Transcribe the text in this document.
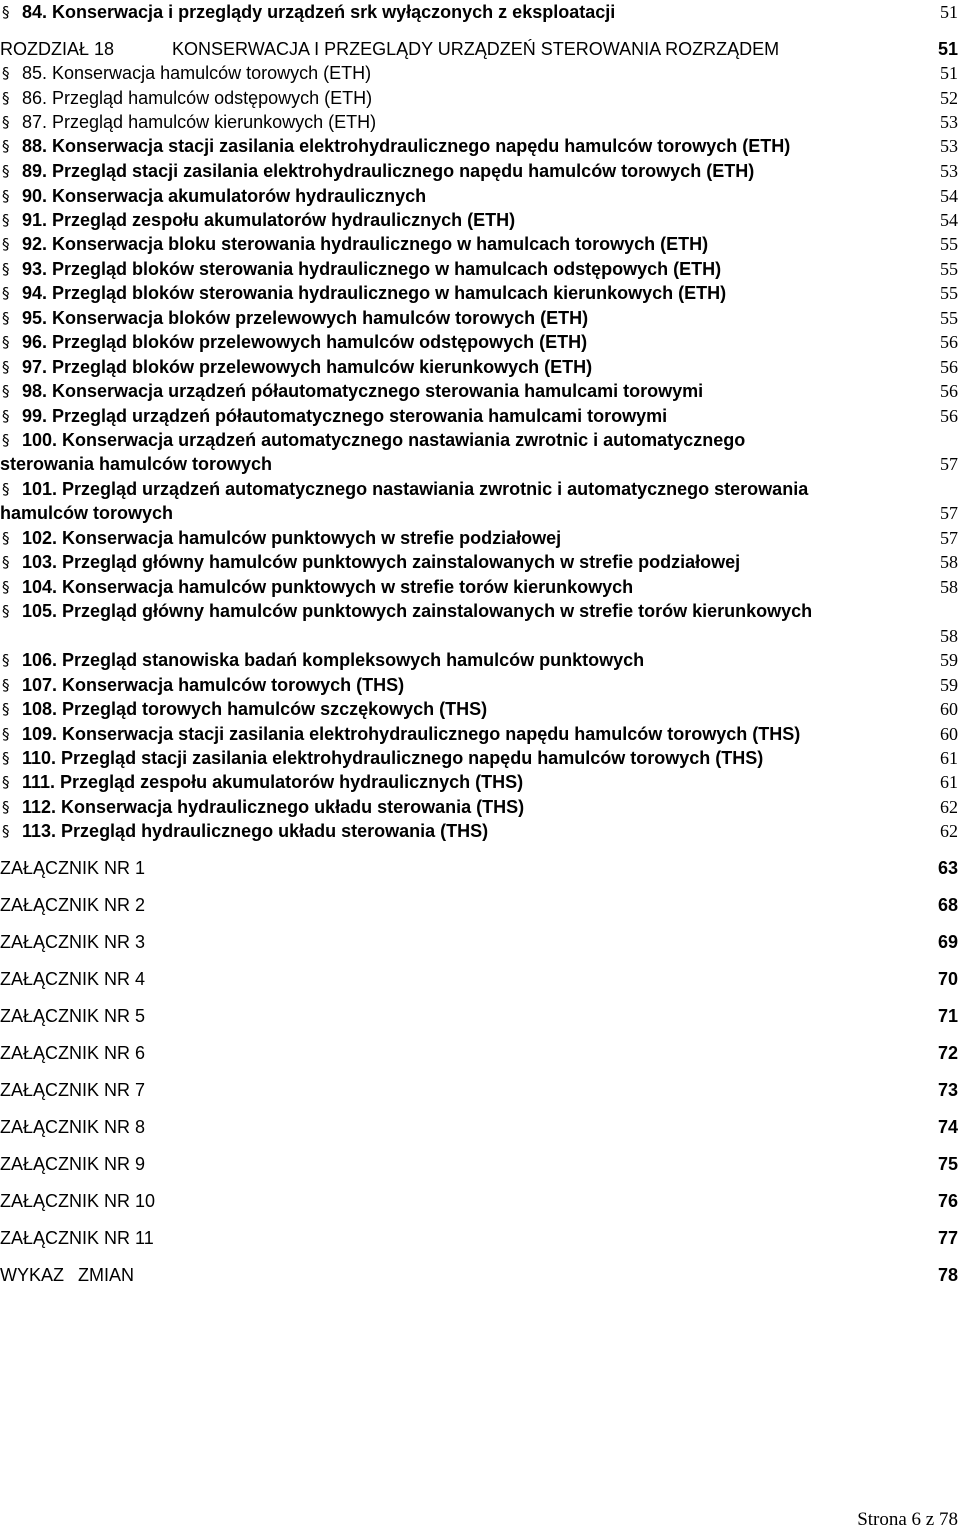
§ 84. Konserwacja i przeglądy urządzeń srk wyłączonych z eksploatacji	51
ROZDZIAŁ 18	KONSERWACJA I PRZEGLĄDY URZĄDZEŃ STEROWANIA ROZRZĄDEM	51
§ 85. Konserwacja hamulców torowych (ETH)	51
§ 86. Przegląd hamulców odstępowych (ETH)	52
§ 87. Przegląd hamulców kierunkowych (ETH)	53
§ 88. Konserwacja stacji zasilania elektrohydraulicznego napędu hamulców torowych (ETH)	53
§ 89. Przegląd stacji zasilania elektrohydraulicznego napędu hamulców torowych (ETH)	53
§ 90. Konserwacja akumulatorów hydraulicznych	54
§ 91. Przegląd zespołu akumulatorów hydraulicznych (ETH)	54
§ 92. Konserwacja bloku sterowania hydraulicznego w hamulcach torowych (ETH)	55
§ 93. Przegląd bloków sterowania hydraulicznego w hamulcach odstępowych (ETH)	55
§ 94. Przegląd bloków sterowania hydraulicznego w hamulcach kierunkowych (ETH)	55
§ 95. Konserwacja bloków przelewowych hamulców torowych (ETH)	55
§ 96. Przegląd bloków przelewowych hamulców odstępowych (ETH)	56
§ 97. Przegląd bloków przelewowych hamulców kierunkowych (ETH)	56
§ 98. Konserwacja urządzeń półautomatycznego sterowania hamulcami torowymi	56
§ 99. Przegląd urządzeń półautomatycznego sterowania hamulcami torowymi	56
§ 100. Konserwacja urządzeń automatycznego nastawiania zwrotnic i automatycznego
sterowania hamulców torowych	57
§ 101. Przegląd urządzeń automatycznego nastawiania zwrotnic i automatycznego sterowania
hamulców torowych	57
§ 102. Konserwacja hamulców punktowych w strefie podziałowej	57
§ 103. Przegląd główny hamulców punktowych zainstalowanych w strefie podziałowej	58
§ 104. Konserwacja hamulców punktowych w strefie torów kierunkowych	58
§ 105. Przegląd główny hamulców punktowych zainstalowanych w strefie torów kierunkowych
58
§ 106. Przegląd stanowiska badań kompleksowych hamulców punktowych	59
§ 107. Konserwacja hamulców torowych (THS)	59
§ 108. Przegląd torowych hamulców szczękowych (THS)	60
§ 109. Konserwacja stacji zasilania elektrohydraulicznego napędu hamulców torowych (THS)	60
§ 110. Przegląd stacji zasilania elektrohydraulicznego napędu hamulców torowych (THS)	61
§ 111. Przegląd zespołu akumulatorów hydraulicznych (THS)	61
§ 112. Konserwacja hydraulicznego układu sterowania (THS)	62
§ 113. Przegląd hydraulicznego układu sterowania (THS)	62
ZAŁĄCZNIK NR 1	63
ZAŁĄCZNIK NR 2	68
ZAŁĄCZNIK NR 3	69
ZAŁĄCZNIK NR 4	70
ZAŁĄCZNIK NR 5	71
ZAŁĄCZNIK NR 6	72
ZAŁĄCZNIK NR 7	73
ZAŁĄCZNIK NR 8	74
ZAŁĄCZNIK NR 9	75
ZAŁĄCZNIK NR 10	76
ZAŁĄCZNIK NR 11	77
WYKAZ ZMIAN	78
Strona 6 z 78
